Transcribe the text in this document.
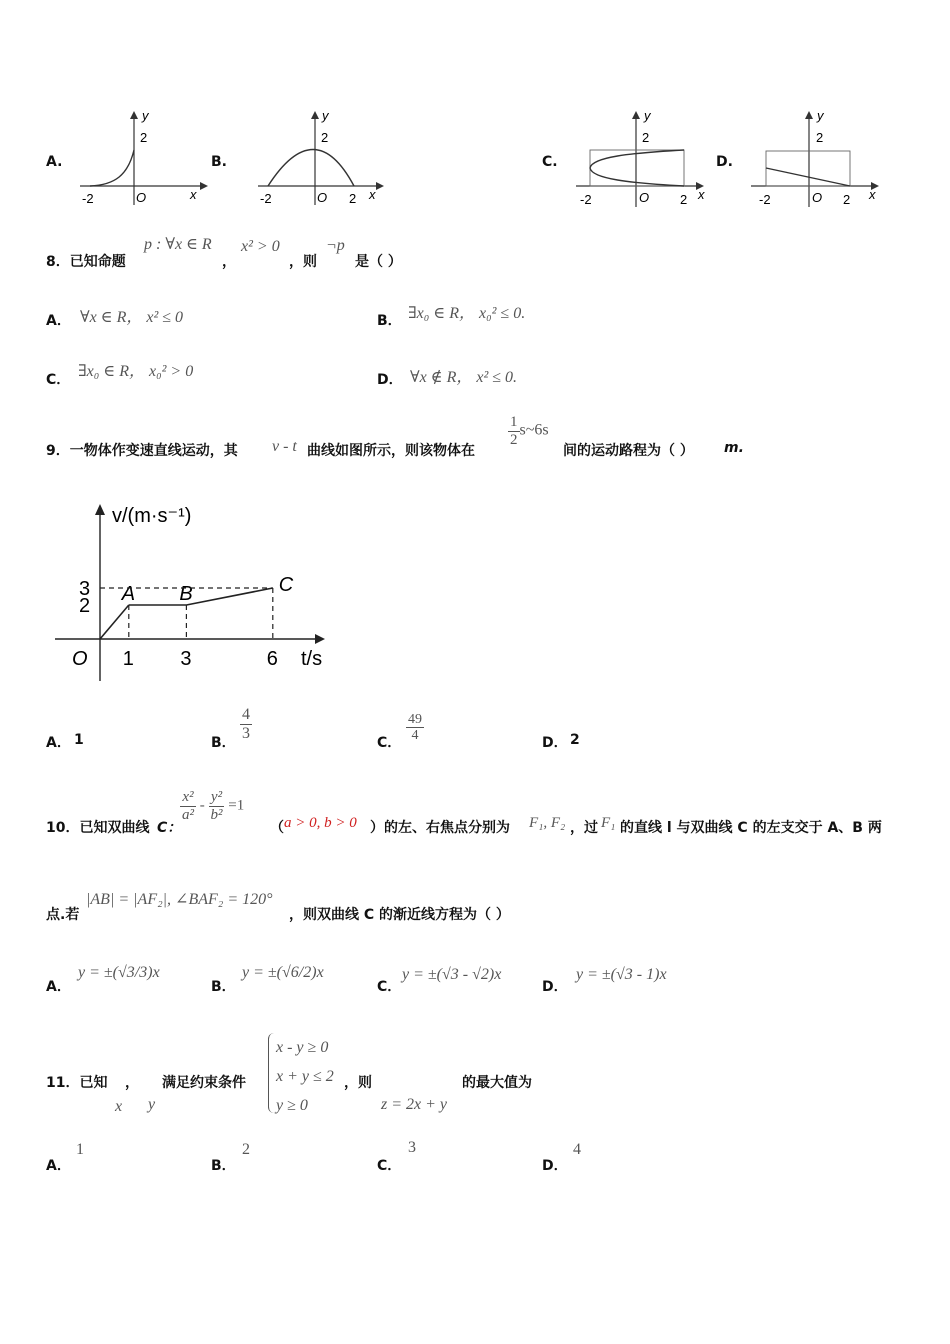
A.
y
2
-2	O	x
B.
y
2
-2	O 2 x
C.
y
2
-2	O 2 x
D.
y
2
-2	O 2 x
8．已知命题
p : ∀x ∈ R
，
x² > 0
，则
¬p
是（ ）
A． ∀x ∈ R， x² ≤ 0	B． ∃x₀ ∈ R， x₀² ≤ 0.
C． ∃x₀ ∈ R， x₀² > 0	D． ∀x ∉ R， x² ≤ 0.
9．一物体作变速直线运动，其 v - t 曲线如图所示，则该物体在
$\frac{1}{2}$ s~6s
间的运动路程为（ ） m.
A
1
B
3
C
6
3
2
v/(m·s⁻¹)
t/s
O
A． 1	B．
$\frac{4}{3}$
C． $\frac{49}{4}$	D． 2
10．已知双曲线 C：
$\frac{\text{x²}}{\text{a²}} - \frac{\text{y²}}{\text{b²}} =1$
（ a > 0, b > 0 ） 的左、右焦点分别为 F₁, F₂ ，过 F₁ 的直线 l 与双曲线 C 的左支交于 A、B 两
点.若
|AB| = |AF₂|, ∠BAF₂ = 120°
，则双曲线 C 的渐近线方程为（ ）
A．
y = ±(√3/3)x
B．
y = ±(√6/2)x
C．
y = ±(√3 - √2)x
D．
y = ±(√3 - 1)x
11．已知 ， 满足约束条件
x y
x - y ≥ 0
x + y ≤ 2
y ≥ 0
，则
z = 2x + y
的最大值为
A．
1
B．
2
C．
3
D．
4
